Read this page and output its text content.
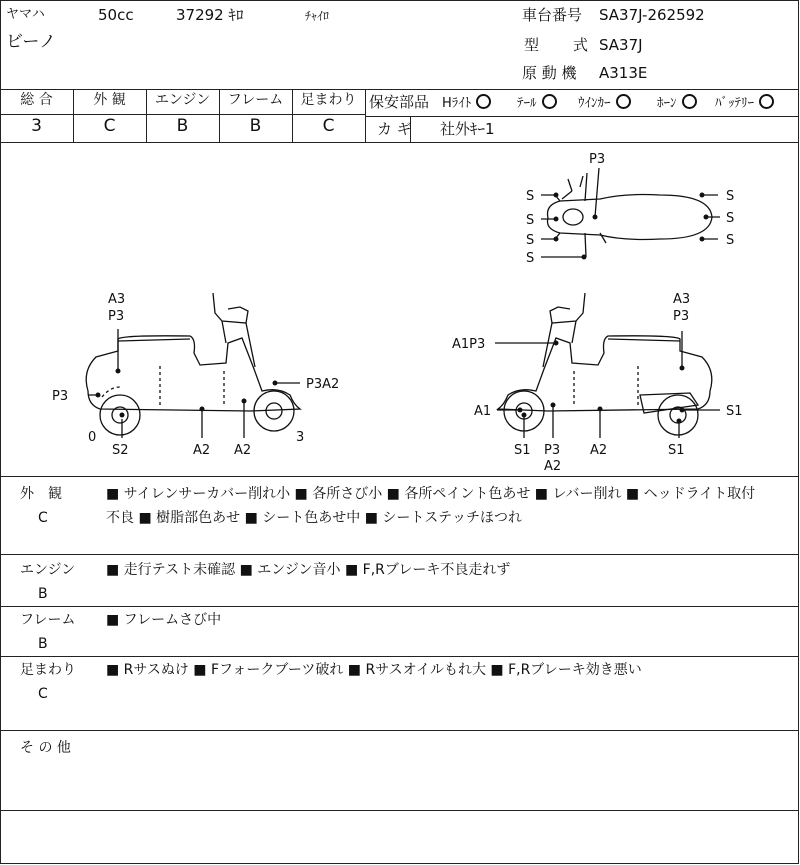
ヤマハ	50cc	37292 ｷﾛ	ﾁｬｲﾛ
ビーノ
車台番号 SA37J-262592
型 式 SA37J
原 動 機 A313E
総 合	外 観	エンジン	フレーム	足まわり
3	C	B	B	C
保安部品 Hﾗｲﾄ	ﾃｰﾙ	ｳｲﾝｶｰ	ﾎｰﾝ	ﾊﾞｯﾃﾘｰ
カ ギ 社外ｷｰ1
P3
S
S
S
S
S
S
S
A3
P3
P3
P3A2
0
S2	A2 A2
3
A3
P3
A1P3
A1
S1	S1
P3
A2
A2
S1
外　観
C
■ サイレンサーカバー削れ小 ■ 各所さび小 ■ 各所ペイント色あせ ■ レバー削れ ■ ヘッドライト取付
不良 ■ 樹脂部色あせ ■ シート色あせ中 ■ シートステッチほつれ
エンジン
B
■ 走行テスト未確認 ■ エンジン音小 ■ F,Rブレーキ不良走れず
フレーム
B
■ フレームさび中
足まわり
C
■ Rサスぬけ ■ Fフォークブーツ破れ ■ Rサスオイルもれ大 ■ F,Rブレーキ効き悪い
そ の 他
